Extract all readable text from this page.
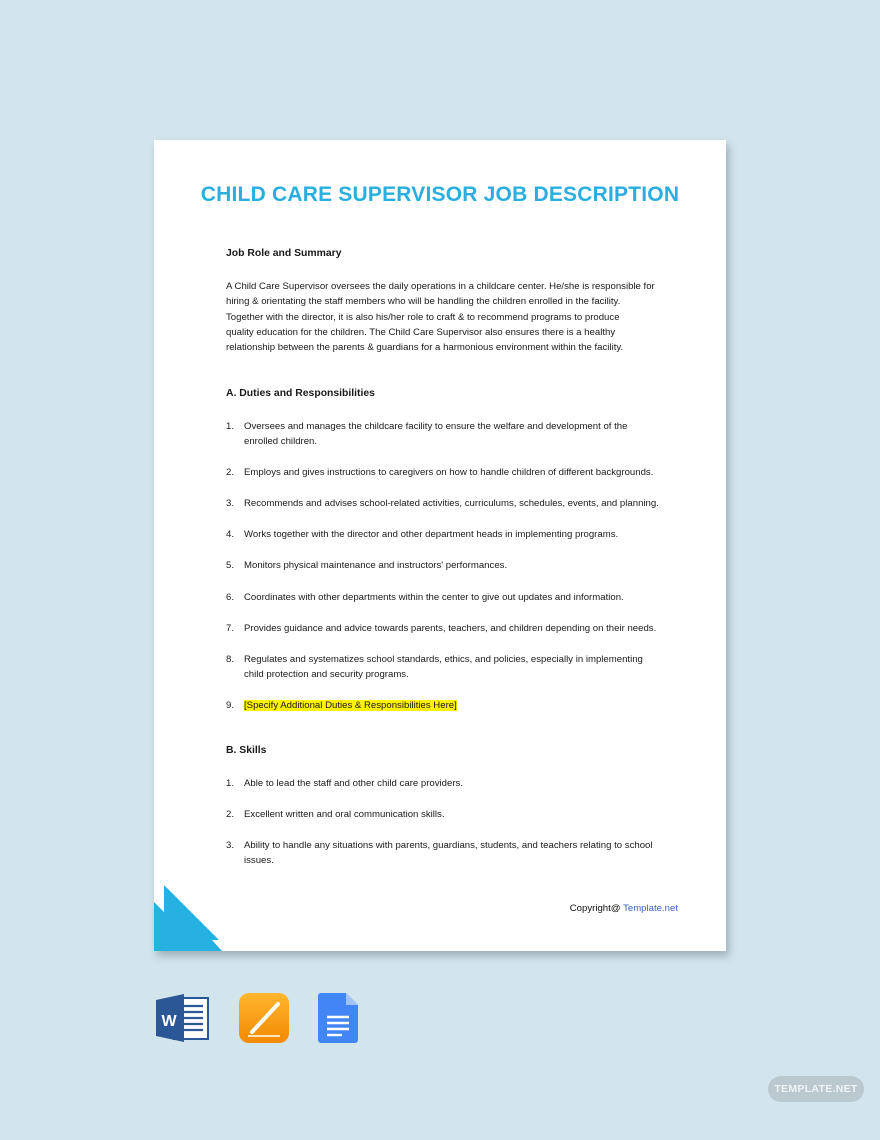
CHILD CARE SUPERVISOR JOB DESCRIPTION
Job Role and Summary
A Child Care Supervisor oversees the daily operations in a childcare center. He/she is responsible for
hiring & orientating the staff members who will be handling the children enrolled in the facility.
Together with the director, it is also his/her role to craft & to recommend programs to produce
quality education for the children. The Child Care Supervisor also ensures there is a healthy
relationship between the parents & guardians for a harmonious environment within the facility.
A. Duties and Responsibilities
1.	Oversees and manages the childcare facility to ensure the welfare and development of the
enrolled children.
2.	Employs and gives instructions to caregivers on how to handle children of different backgrounds.
3.	Recommends and advises school-related activities, curriculums, schedules, events, and planning.
4.	Works together with the director and other department heads in implementing programs.
5.	Monitors physical maintenance and instructors' performances.
6.	Coordinates with other departments within the center to give out updates and information.
7.	Provides guidance and advice towards parents, teachers, and children depending on their needs.
8.	Regulates and systematizes school standards, ethics, and policies, especially in implementing
child protection and security programs.
9.	[Specify Additional Duties & Responsibilities Here]
B. Skills
1.	Able to lead the staff and other child care providers.
2.	Excellent written and oral communication skills.
3.	Ability to handle any situations with parents, guardians, students, and teachers relating to school
issues.
Copyright@ Template.net
W
TEMPLATE.NET
